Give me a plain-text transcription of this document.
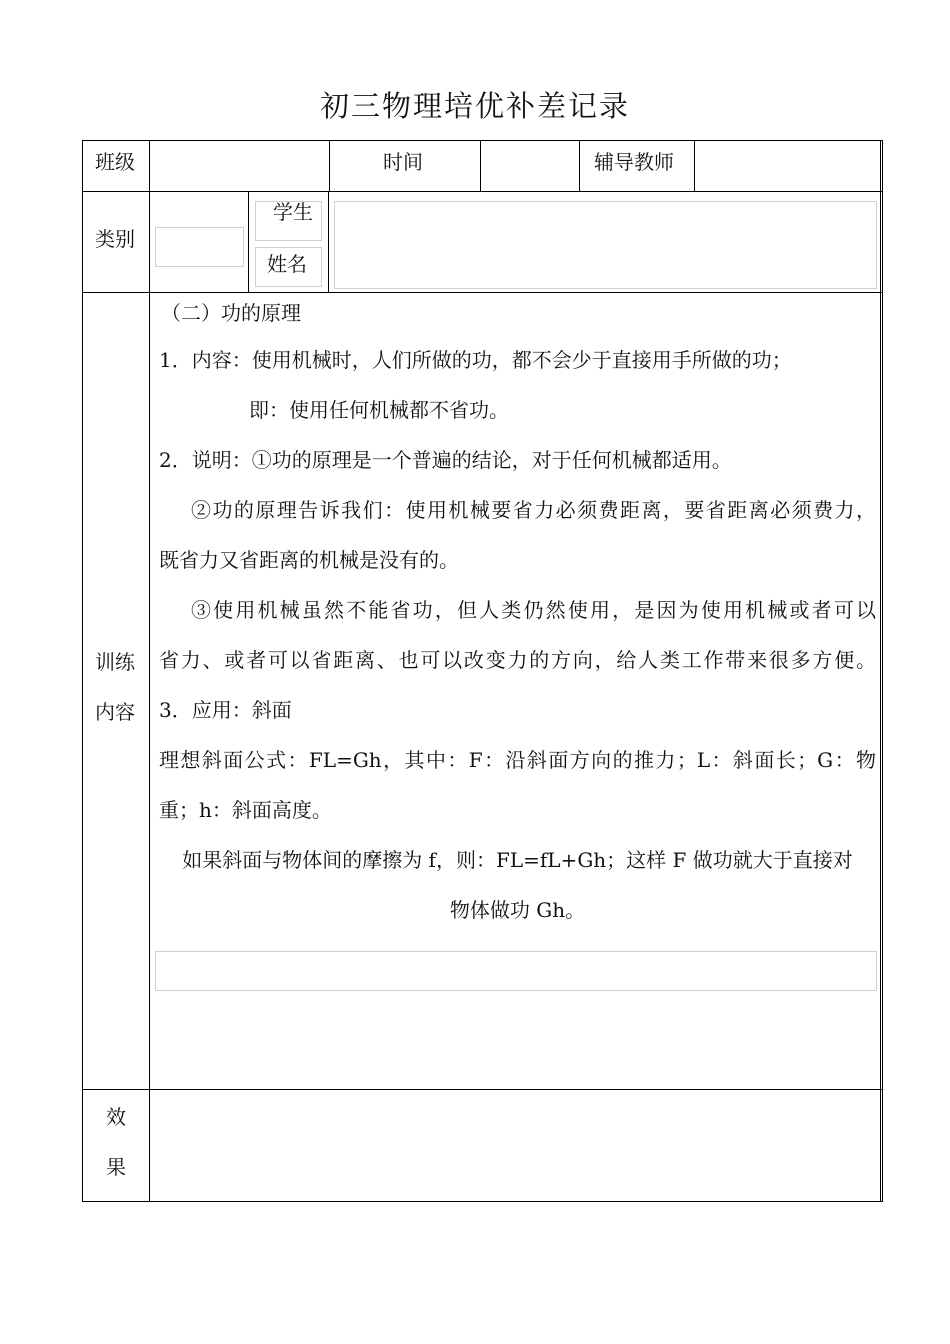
初三物理培优补差记录
班级	时间	辅导教师
类别
学生
姓名
训练
内容
（二）功的原理
1．内容：使用机械时，人们所做的功，都不会少于直接用手所做的功；
即：使用任何机械都不省功。
2．说明：①功的原理是一个普遍的结论，对于任何机械都适用。
②功的原理告诉我们：使用机械要省力必须费距离，要省距离必须费力，
既省力又省距离的机械是没有的。
③使用机械虽然不能省功，但人类仍然使用，是因为使用机械或者可以
省力、或者可以省距离、也可以改变力的方向，给人类工作带来很多方便。
3．应用：斜面
理想斜面公式：FL=Gh，其中：F：沿斜面方向的推力；L：斜面长；G：物
重；h：斜面高度。
如果斜面与物体间的摩擦为 f，则：FL=fL+Gh；这样 F 做功就大于直接对
物体做功 Gh。
效
果
